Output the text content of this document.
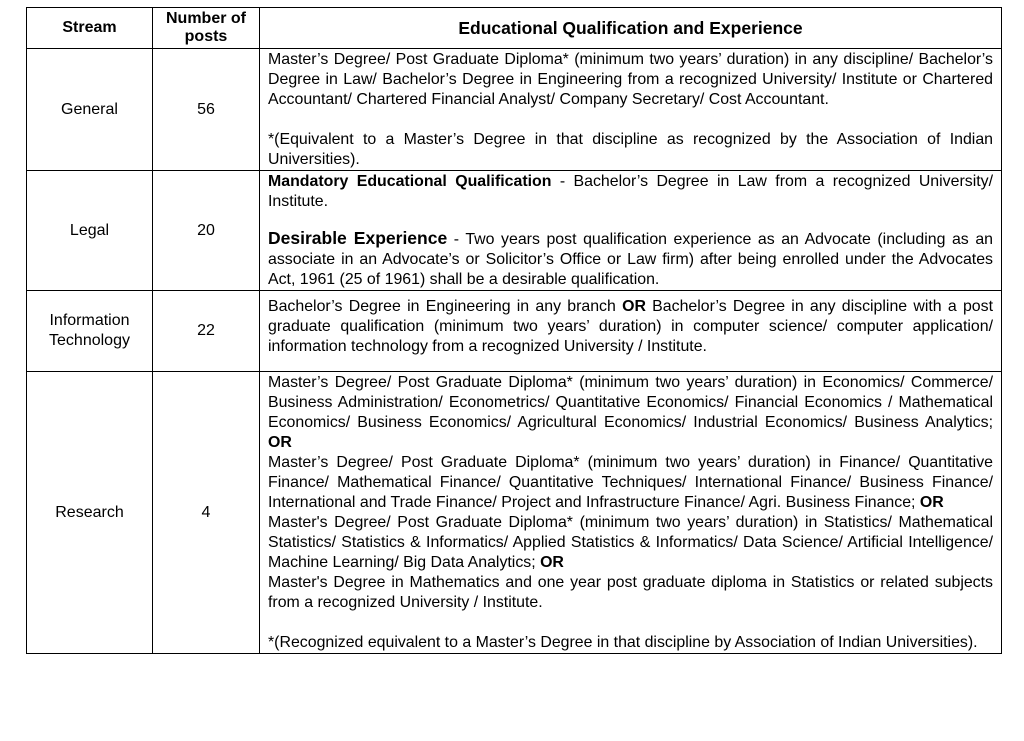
Stream	Number of posts	Educational Qualification and Experience
General	56	Master’s Degree/ Post Graduate Diploma* (minimum two years’ duration) in any discipline/ Bachelor’s Degree in Law/ Bachelor’s Degree in Engineering from a recognized University/ Institute or Chartered Accountant/ Chartered Financial Analyst/ Company Secretary/ Cost Accountant.

*(Equivalent to a Master’s Degree in that discipline as recognized by the Association of Indian Universities).

Legal	20	Mandatory Educational Qualification - Bachelor’s Degree in Law from a recognized University/ Institute.

Desirable Experience - Two years post qualification experience as an Advocate (including as an associate in an Advocate’s or Solicitor’s Office or Law firm) after being enrolled under the Advocates Act, 1961 (25 of 1961) shall be a desirable qualification.

Information Technology	22	Bachelor’s Degree in Engineering in any branch OR Bachelor’s Degree in any discipline with a post graduate qualification (minimum two years’ duration) in computer science/ computer application/ information technology from a recognized University / Institute.

Research	4	Master’s Degree/ Post Graduate Diploma* (minimum two years’ duration) in Economics/ Commerce/ Business Administration/ Econometrics/ Quantitative Economics/ Financial Economics / Mathematical Economics/ Business Economics/ Agricultural Economics/ Industrial Economics/ Business Analytics; OR

Master’s Degree/ Post Graduate Diploma* (minimum two years’ duration) in Finance/ Quantitative Finance/ Mathematical Finance/ Quantitative Techniques/ International Finance/ Business Finance/ International and Trade Finance/ Project and Infrastructure Finance/ Agri. Business Finance; OR

Master's Degree/ Post Graduate Diploma* (minimum two years’ duration) in Statistics/ Mathematical Statistics/ Statistics & Informatics/ Applied Statistics & Informatics/ Data Science/ Artificial Intelligence/ Machine Learning/ Big Data Analytics; OR

Master's Degree in Mathematics and one year post graduate diploma in Statistics or related subjects from a recognized University / Institute.

*(Recognized equivalent to a Master’s Degree in that discipline by Association of Indian Universities).
